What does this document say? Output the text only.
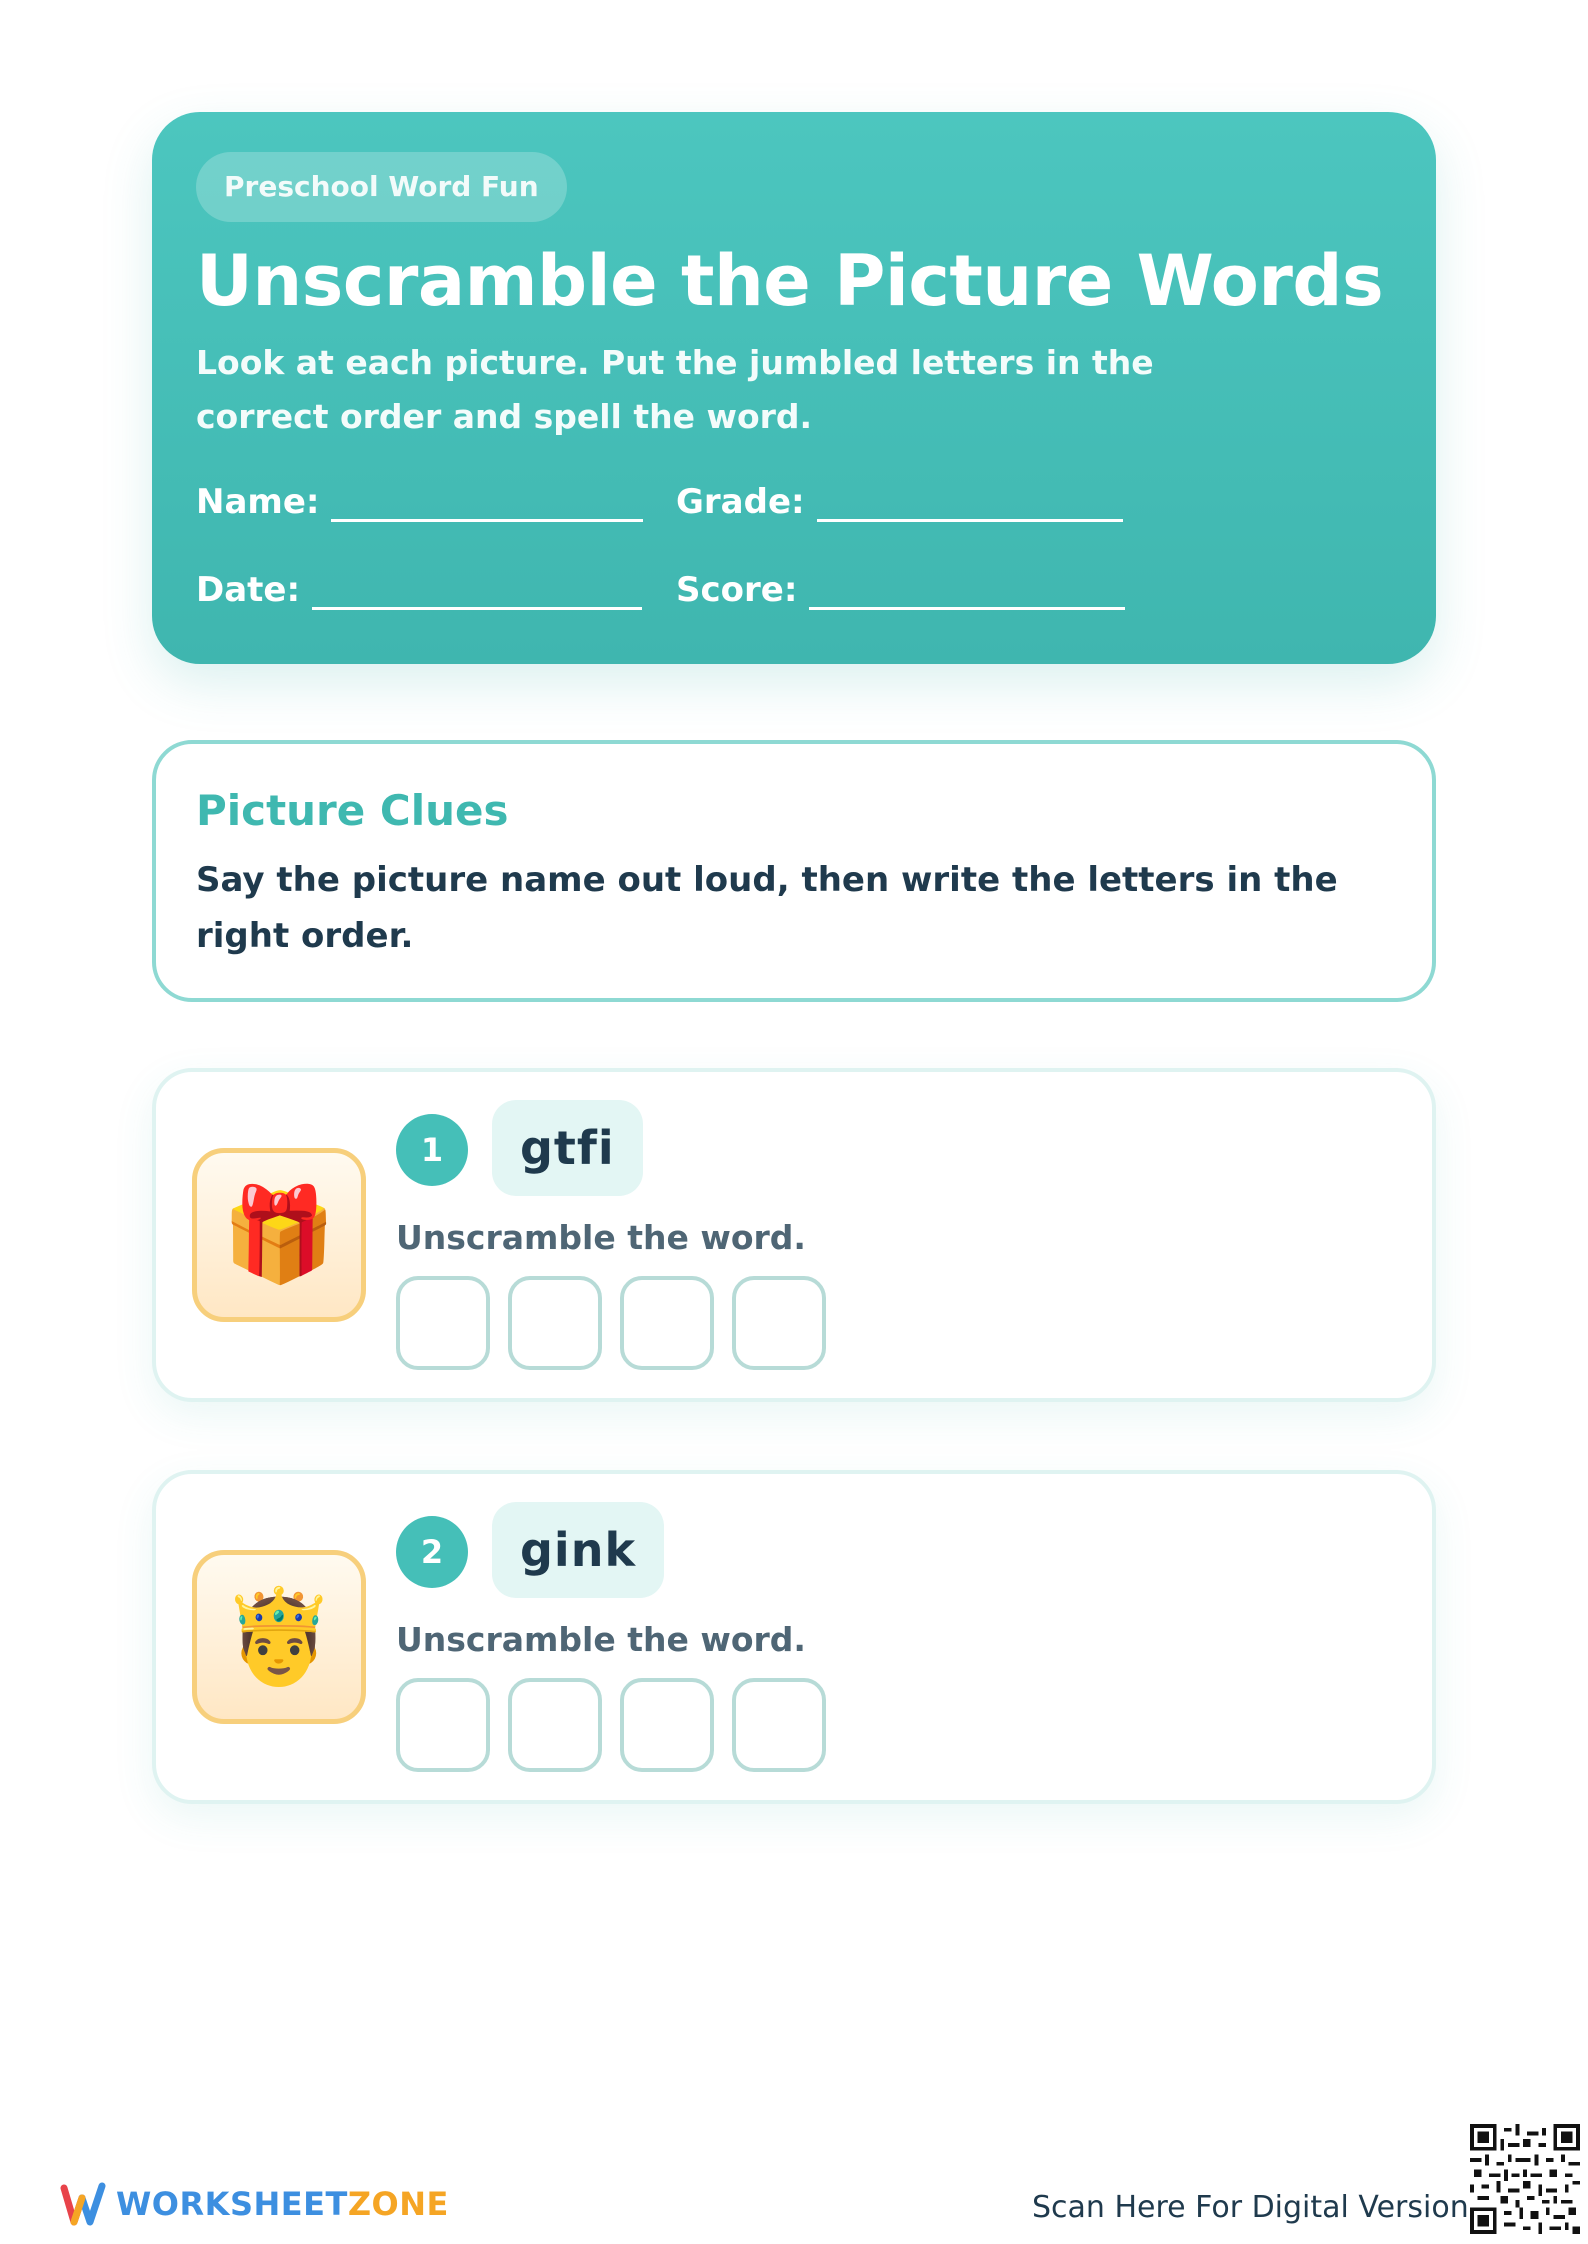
Preschool Word Fun
Unscramble the Picture Words
Look at each picture. Put the jumbled letters in the correct order and spell the word.
Name:	Grade:
Date:	Score:
Picture Clues
Say the picture name out loud, then write the letters in the right order.
🎁
1	gtfi
Unscramble the word.
🤴
2	gink
Unscramble the word.
WORKSHEETZONE	Scan Here For Digital Version
